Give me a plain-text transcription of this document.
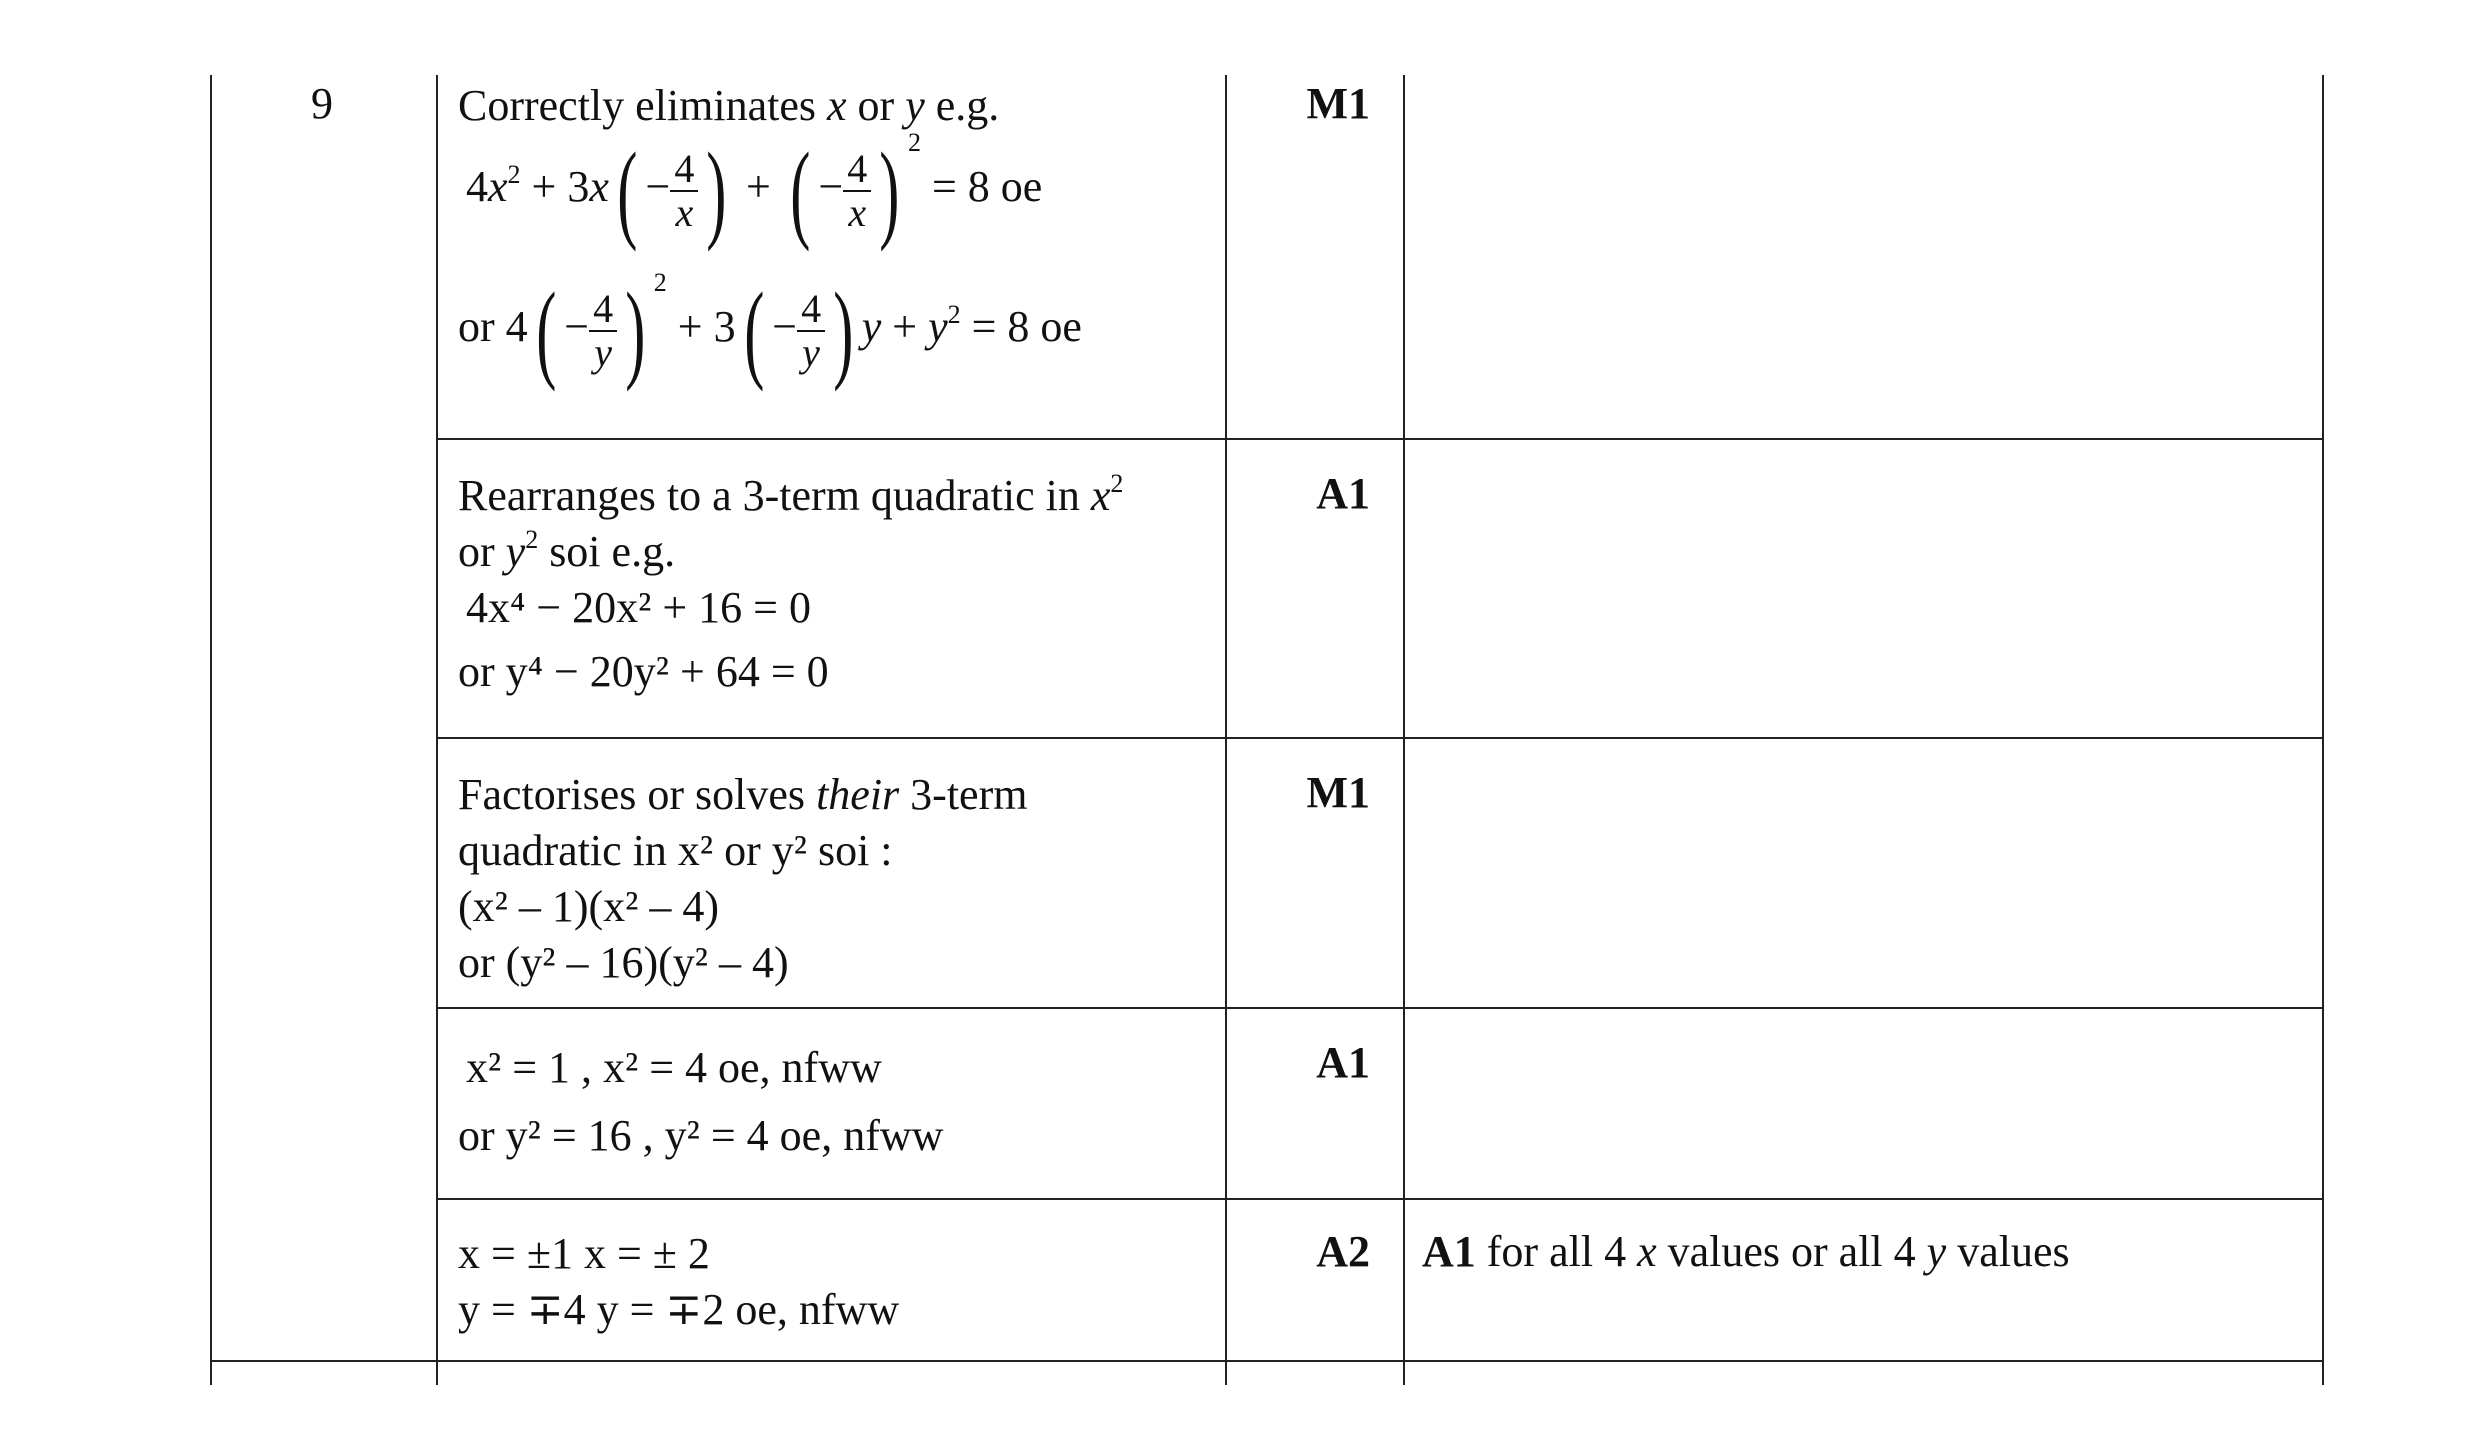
9	Correctly eliminates x or y e.g.
$4x^2 + 3x( - \frac{4}{x}$ ) + ( − $\frac{4}{x}$ ) $^2$ = 8 oe
or $4( - \frac{4}{y}$ ) $^2 + 3( - \frac{4}{y}$ ) $y + y^2 = 8$ oe
M1
Rearranges to a 3-term quadratic in $x^2$
or $y^2$ soi e.g.
4x⁴ − 20x² + 16 = 0
or y⁴ − 20y² + 64 = 0
A1
Factorises or solves their 3-term
quadratic in x² or y² soi :
(x² – 1)(x² – 4)
or (y² – 16)(y² – 4)
M1
x² = 1 , x² = 4 oe, nfww
or y² = 16 , y² = 4 oe, nfww
A1
x = ±1 x = ± 2
y = ∓4 y = ∓2 oe, nfww
A2 A1 for all 4 x values or all 4 y values
